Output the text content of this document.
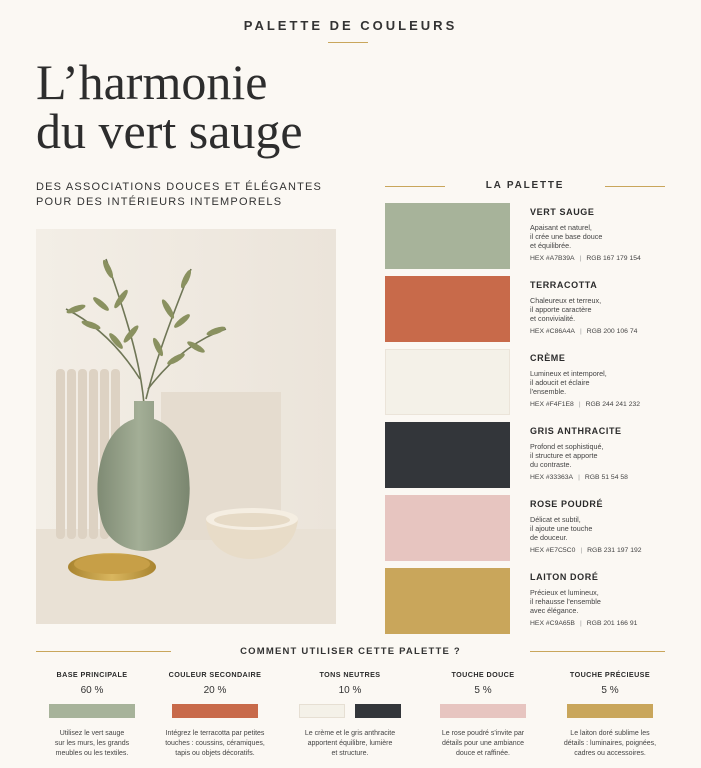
PALETTE DE COULEURS
L’harmonie
du vert sauge
DES ASSOCIATIONS DOUCES ET ÉLÉGANTES
POUR DES INTÉRIEURS INTEMPORELS
LA PALETTE
VERT SAUGE
Apaisant et naturel,
il crée une base douce
et équilibrée.
HEX #A7B39A | RGB 167 179 154
TERRACOTTA
Chaleureux et terreux,
il apporte caractère
et convivialité.
HEX #C86A4A | RGB 200 106 74
CRÈME
Lumineux et intemporel,
il adoucit et éclaire
l'ensemble.
HEX #F4F1E8 | RGB 244 241 232
GRIS ANTHRACITE
Profond et sophistiqué,
il structure et apporte
du contraste.
HEX #33363A | RGB 51 54 58
ROSE POUDRÉ
Délicat et subtil,
il ajoute une touche
de douceur.
HEX #E7C5C0 | RGB 231 197 192
LAITON DORÉ
Précieux et lumineux,
il rehausse l'ensemble
avec élégance.
HEX #C9A65B | RGB 201 166 91
COMMENT UTILISER CETTE PALETTE ?
BASE PRINCIPALE
60 %
Utilisez le vert sauge
sur les murs, les grands
meubles ou les textiles.
COULEUR SECONDAIRE
20 %
Intégrez le terracotta par petites
touches : coussins, céramiques,
tapis ou objets décoratifs.
TONS NEUTRES
10 %
Le crème et le gris anthracite
apportent équilibre, lumière
et structure.
TOUCHE DOUCE
5 %
Le rose poudré s'invite par
détails pour une ambiance
douce et raffinée.
TOUCHE PRÉCIEUSE
5 %
Le laiton doré sublime les
détails : luminaires, poignées,
cadres ou accessoires.
